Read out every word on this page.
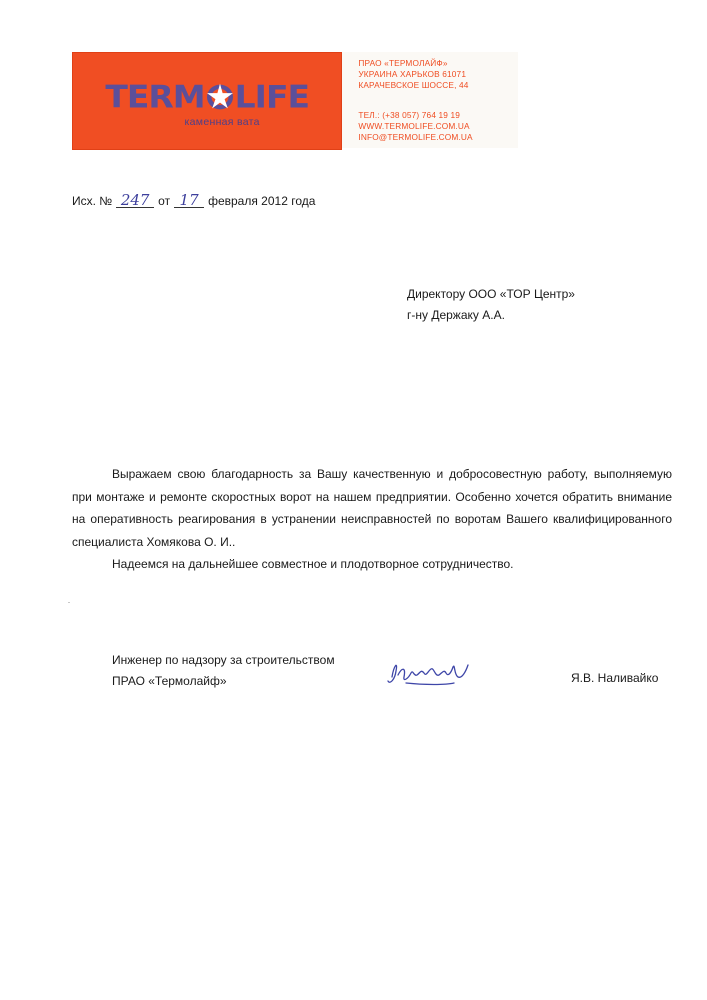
TERM LIFE
каменная вата
ПРАО «ТЕРМОЛАЙФ»
УКРАИНА ХАРЬКОВ 61071
КАРАЧЕВСКОЕ ШОССЕ, 44
ТЕЛ.: (+38 057) 764 19 19
WWW.TERMOLIFE.COM.UA
INFO@TERMOLIFE.COM.UA
Исх. № 247 от 17 февраля 2012 года
Директору ООО «ТОР Центр»
г-ну Держаку А.А.

Выражаем свою благодарность за Вашу качественную и добросовестную работу, выполняемую при монтаже и ремонте скоростных ворот на нашем предприятии. Особенно хочется обратить внимание на оперативность реагирования в устранении неисправностей по воротам Вашего квалифицированного специалиста Хомякова О. И..

Надеемся на дальнейшее совместное и плодотворное сотрудничество.

Инженер по надзору за строительством
ПРАО «Термолайф»	Я.В. Наливайко
